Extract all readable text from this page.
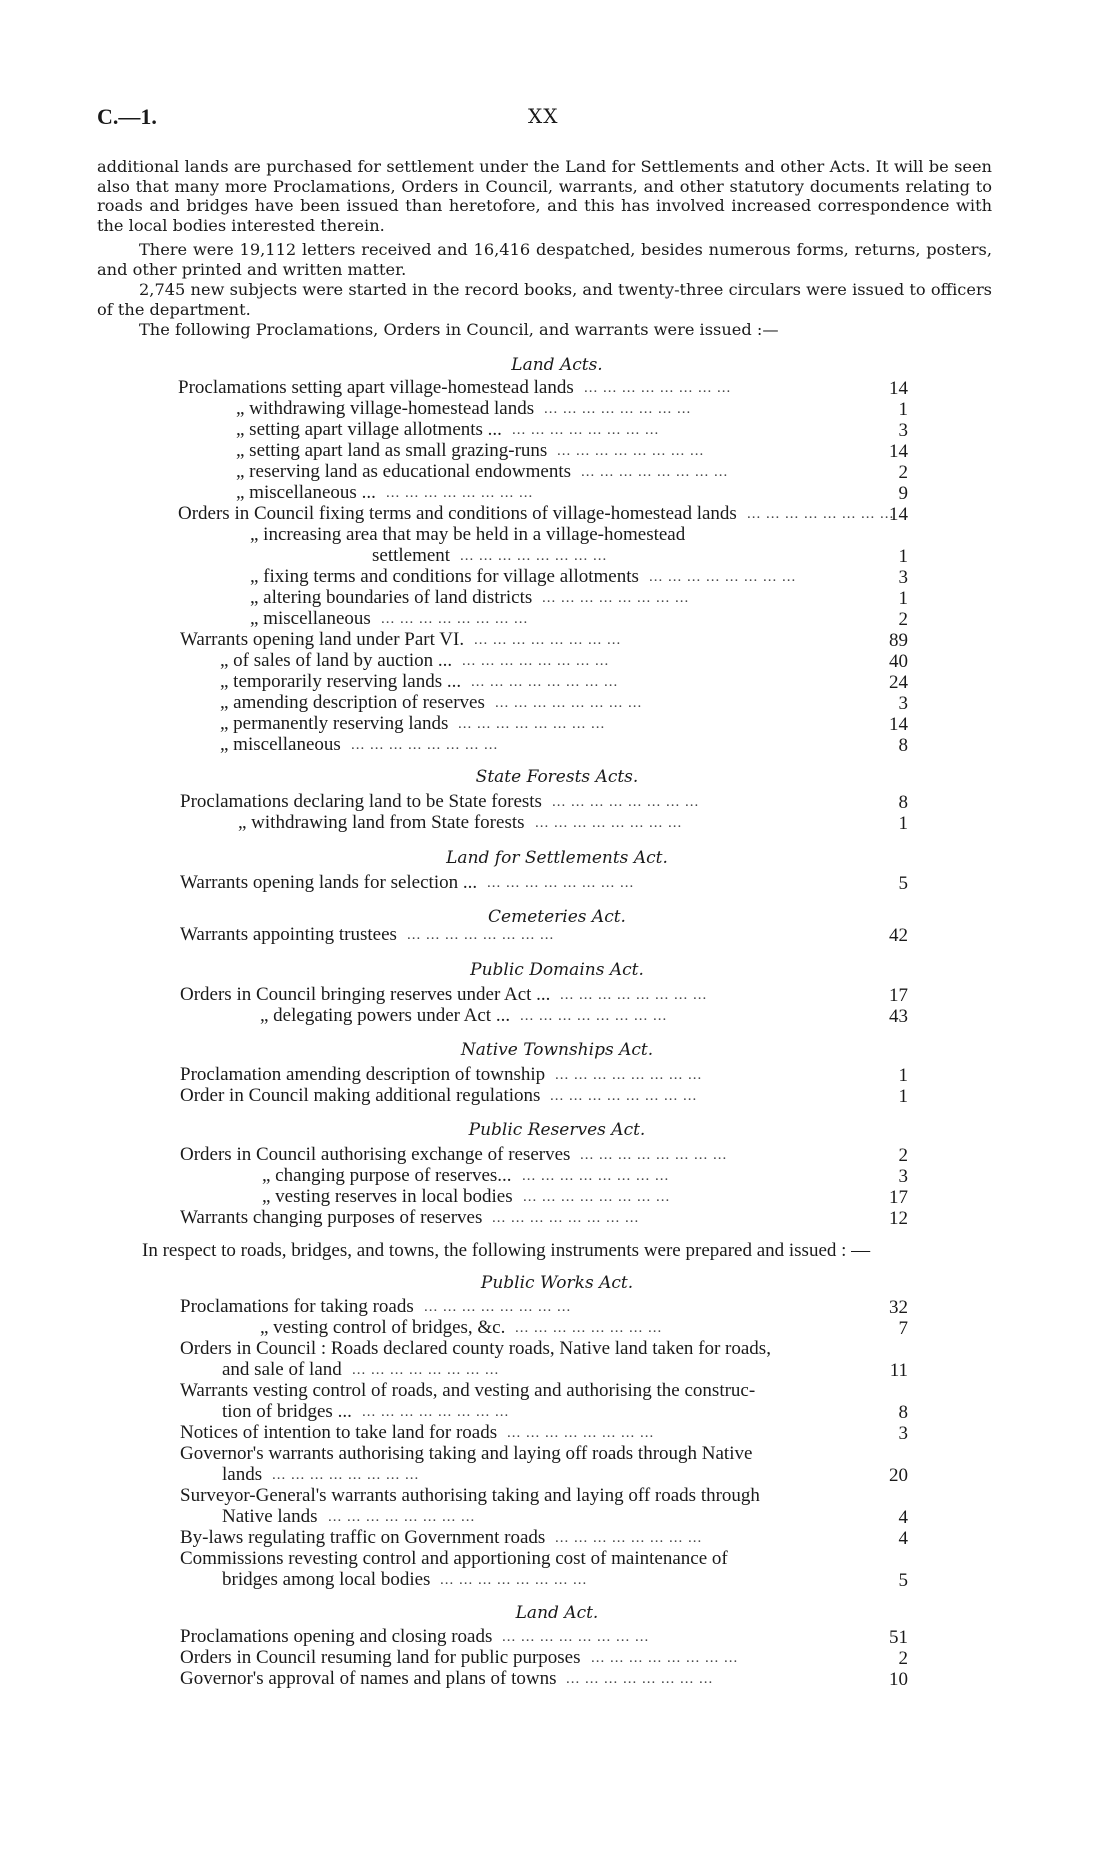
C.—1.	XX
additional lands are purchased for settlement under the Land for Settlements and other Acts. It will be seen also that many more Proclamations, Orders in Council, warrants, and other statutory documents relating to roads and bridges have been issued than heretofore, and this has involved increased correspondence with the local bodies interested therein.
There were 19,112 letters received and 16,416 despatched, besides numerous forms, returns, posters, and other printed and written matter.
2,745 new subjects were started in the record books, and twenty-three circulars were issued to officers of the department.
The following Proclamations, Orders in Council, and warrants were issued :—
Land Acts.
Proclamations setting apart village-homestead lands	14
„ withdrawing village-homestead lands	1
„ setting apart village allotments ...	3
„ setting apart land as small grazing-runs	14
„ reserving land as educational endowments	2
„ miscellaneous ...	9
Orders in Council fixing terms and conditions of village-homestead lands	14
„ increasing area that may be held in a village-homestead
settlement	1
„ fixing terms and conditions for village allotments	3
„ altering boundaries of land districts	1
„ miscellaneous	2
Warrants opening land under Part VI.	89
„ of sales of land by auction ...	40
„ temporarily reserving lands ...	24
„ amending description of reserves	3
„ permanently reserving lands	14
„ miscellaneous	8
State Forests Acts.
Proclamations declaring land to be State forests	8
„ withdrawing land from State forests	1
Land for Settlements Act.
Warrants opening lands for selection ...	5
Cemeteries Act.
Warrants appointing trustees	42
Public Domains Act.
Orders in Council bringing reserves under Act ...	17
„ delegating powers under Act ...	43
Native Townships Act.
Proclamation amending description of township	1
Order in Council making additional regulations	1
Public Reserves Act.
Orders in Council authorising exchange of reserves	2
„ changing purpose of reserves...	3
„ vesting reserves in local bodies	17
Warrants changing purposes of reserves	12
In respect to roads, bridges, and towns, the following instruments were prepared and issued : —
Public Works Act.
Proclamations for taking roads	32
„ vesting control of bridges, &c.	7
Orders in Council : Roads declared county roads, Native land taken for roads,
and sale of land	11
Warrants vesting control of roads, and vesting and authorising the construc-
tion of bridges ...	8
Notices of intention to take land for roads	3
Governor's warrants authorising taking and laying off roads through Native
lands	20
Surveyor-General's warrants authorising taking and laying off roads through
Native lands	4
By-laws regulating traffic on Government roads	4
Commissions revesting control and apportioning cost of maintenance of
bridges among local bodies	5
Land Act.
Proclamations opening and closing roads	51
Orders in Council resuming land for public purposes	2
Governor's approval of names and plans of towns	10
... ... ... ... ... ... ... ...
... ... ... ... ... ... ... ...
... ... ... ... ... ... ... ...
... ... ... ... ... ... ... ...
... ... ... ... ... ... ... ...
... ... ... ... ... ... ... ...
... ... ... ... ... ... ... ...
... ... ... ... ... ... ... ...
... ... ... ... ... ... ... ...
... ... ... ... ... ... ... ...
... ... ... ... ... ... ... ...
... ... ... ... ... ... ... ...
... ... ... ... ... ... ... ...
... ... ... ... ... ... ... ...
... ... ... ... ... ... ... ...
... ... ... ... ... ... ... ...
... ... ... ... ... ... ... ...
... ... ... ... ... ... ... ...
... ... ... ... ... ... ... ...
... ... ... ... ... ... ... ...
... ... ... ... ... ... ... ...
... ... ... ... ... ... ... ...
... ... ... ... ... ... ... ...
... ... ... ... ... ... ... ...
... ... ... ... ... ... ... ...
... ... ... ... ... ... ... ...
... ... ... ... ... ... ... ...
... ... ... ... ... ... ... ...
... ... ... ... ... ... ... ...
... ... ... ... ... ... ... ...
... ... ... ... ... ... ... ...
... ... ... ... ... ... ... ...
... ... ... ... ... ... ... ...
... ... ... ... ... ... ... ...
... ... ... ... ... ... ... ...
... ... ... ... ... ... ... ...
... ... ... ... ... ... ... ...
... ... ... ... ... ... ... ...
... ... ... ... ... ... ... ...
... ... ... ... ... ... ... ...
... ... ... ... ... ... ... ...
